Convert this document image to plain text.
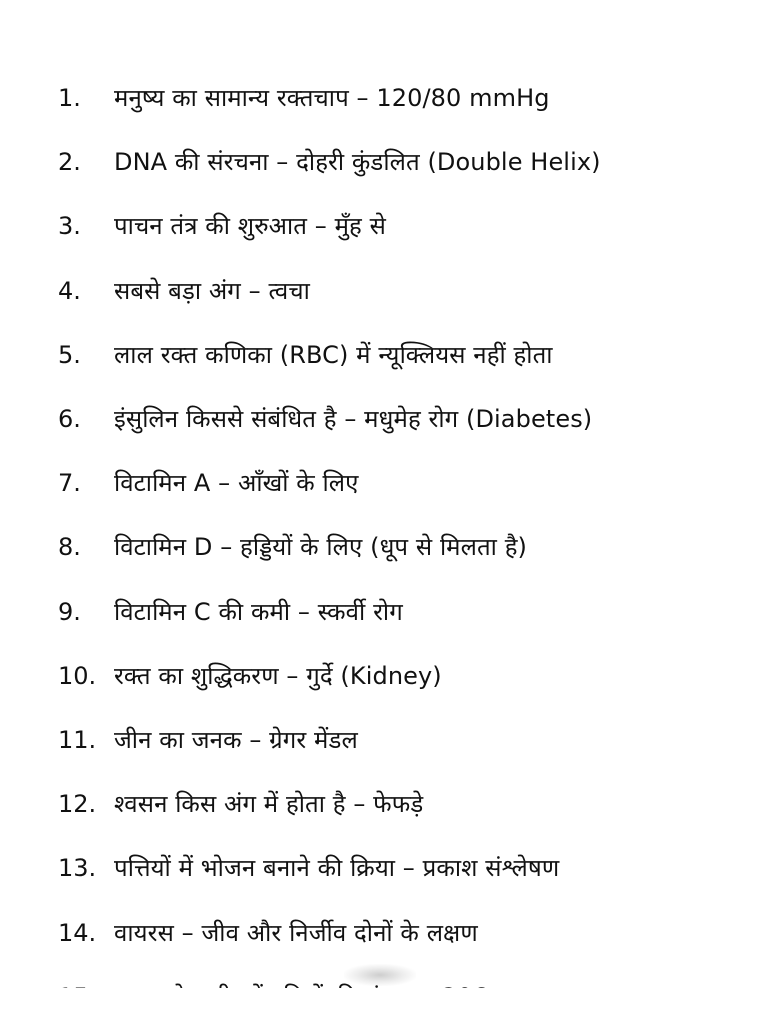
1.	मनुष्य का सामान्य रक्तचाप – 120/80 mmHg
2.	DNA की संरचना – दोहरी कुंडलित (Double Helix)
3.	पाचन तंत्र की शुरुआत – मुँह से
4.	सबसे बड़ा अंग – त्वचा
5.	लाल रक्त कणिका (RBC) में न्यूक्लियस नहीं होता
6.	इंसुलिन किससे संबंधित है – मधुमेह रोग (Diabetes)
7.	विटामिन A – आँखों के लिए
8.	विटामिन D – हड्डियों के लिए (धूप से मिलता है)
9.	विटामिन C की कमी – स्कर्वी रोग
10. रक्त का शुद्धिकरण – गुर्दे (Kidney)
11. जीन का जनक – ग्रेगर मेंडल
12. श्वसन किस अंग में होता है – फेफड़े
13. पत्तियों में भोजन बनाने की क्रिया – प्रकाश संश्लेषण
14. वायरस – जीव और निर्जीव दोनों के लक्षण
